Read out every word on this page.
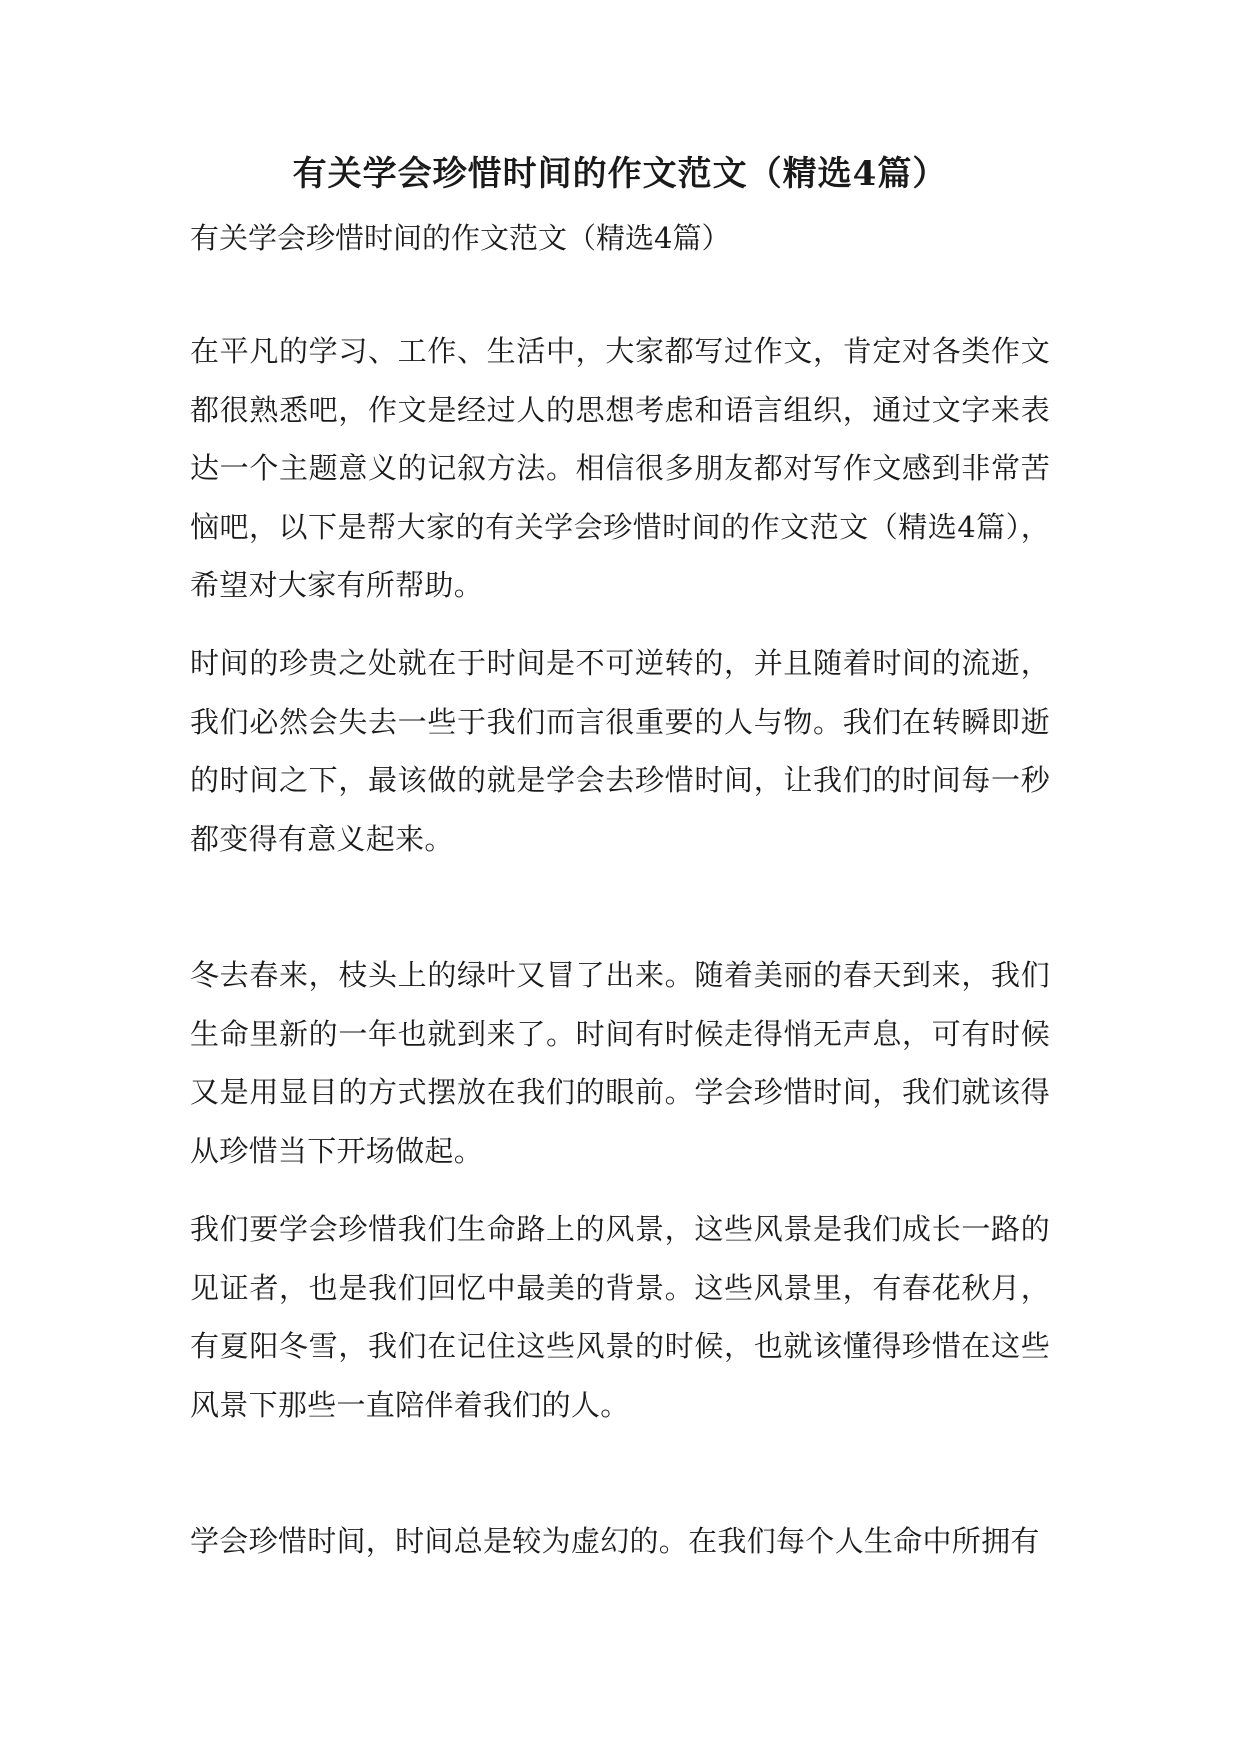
有关学会珍惜时间的作文范文（精选4篇）

有关学会珍惜时间的作文范文（精选4篇）

在平凡的学习、工作、生活中，大家都写过作文，肯定对各类作文都很熟悉吧，作文是经过人的思想考虑和语言组织，通过文字来表达一个主题意义的记叙方法。相信很多朋友都对写作文感到非常苦恼吧，以下是帮大家的有关学会珍惜时间的作文范文（精选4篇），希望对大家有所帮助。

时间的珍贵之处就在于时间是不可逆转的，并且随着时间的流逝，我们必然会失去一些于我们而言很重要的人与物。我们在转瞬即逝的时间之下，最该做的就是学会去珍惜时间，让我们的时间每一秒都变得有意义起来。

冬去春来，枝头上的绿叶又冒了出来。随着美丽的春天到来，我们生命里新的一年也就到来了。时间有时候走得悄无声息，可有时候又是用显目的方式摆放在我们的眼前。学会珍惜时间，我们就该得从珍惜当下开场做起。

我们要学会珍惜我们生命路上的风景，这些风景是我们成长一路的见证者，也是我们回忆中最美的背景。这些风景里，有春花秋月，有夏阳冬雪，我们在记住这些风景的时候，也就该懂得珍惜在这些风景下那些一直陪伴着我们的人。

学会珍惜时间，时间总是较为虚幻的。在我们每个人生命中所拥有
